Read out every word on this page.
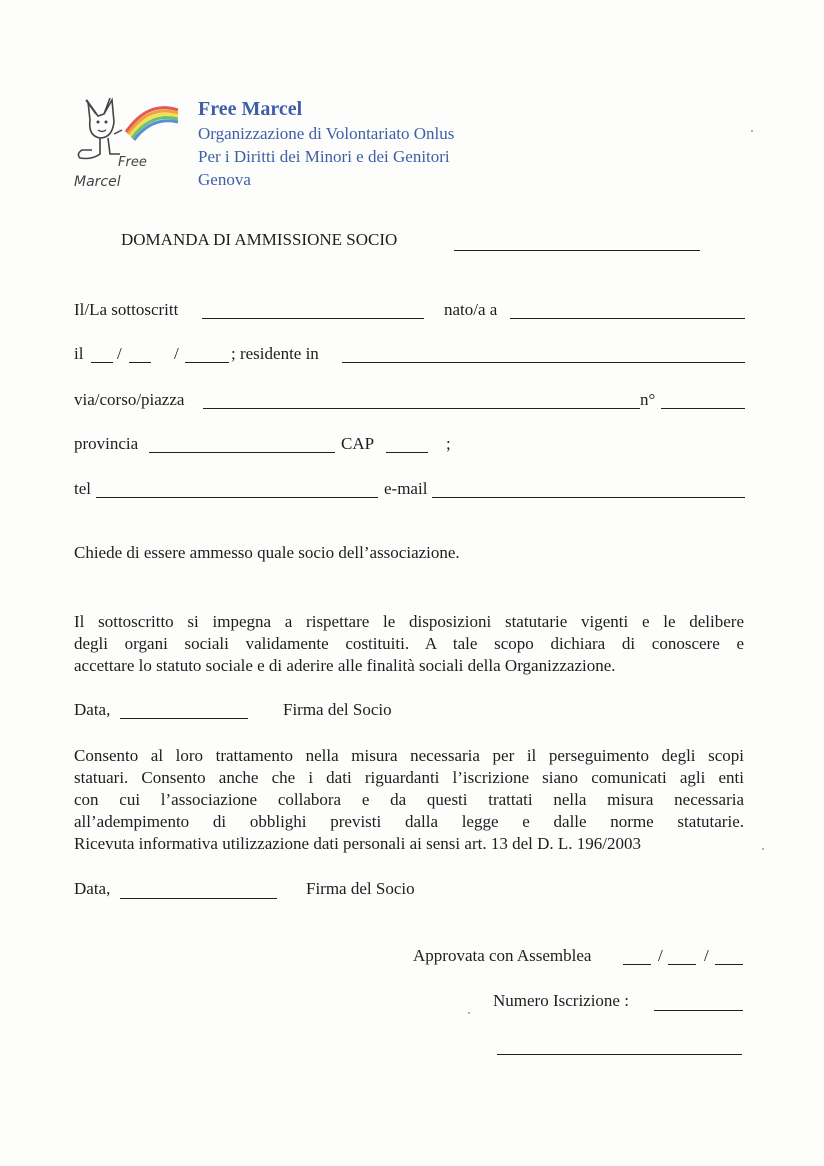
Free
Marcel
Free Marcel
Organizzazione di Volontariato Onlus
Per i Diritti dei Minori e dei Genitori
Genova
DOMANDA DI AMMISSIONE SOCIO
Il/La sottoscritt	nato/a a
il /	/	; residente in
via/corso/piazza	n°
provincia	CAP	;
tel	e-mail
Chiede di essere ammesso quale socio dell’associazione.
Il sottoscritto si impegna a rispettare le disposizioni statutarie vigenti e le delibere
degli organi sociali validamente costituiti. A tale scopo dichiara di conoscere e
accettare lo statuto sociale e di aderire alle finalità sociali della Organizzazione.
Data,	Firma del Socio
Consento al loro trattamento nella misura necessaria per il perseguimento degli scopi
statuari. Consento anche che i dati riguardanti l’iscrizione siano comunicati agli enti
con cui l’associazione collabora e da questi trattati nella misura necessaria
all’adempimento di obblighi previsti dalla legge e dalle norme statutarie.
Ricevuta informativa utilizzazione dati personali ai sensi art. 13 del D. L. 196/2003
Data,	Firma del Socio
Approvata con Assemblea	/ /
Numero Iscrizione :
